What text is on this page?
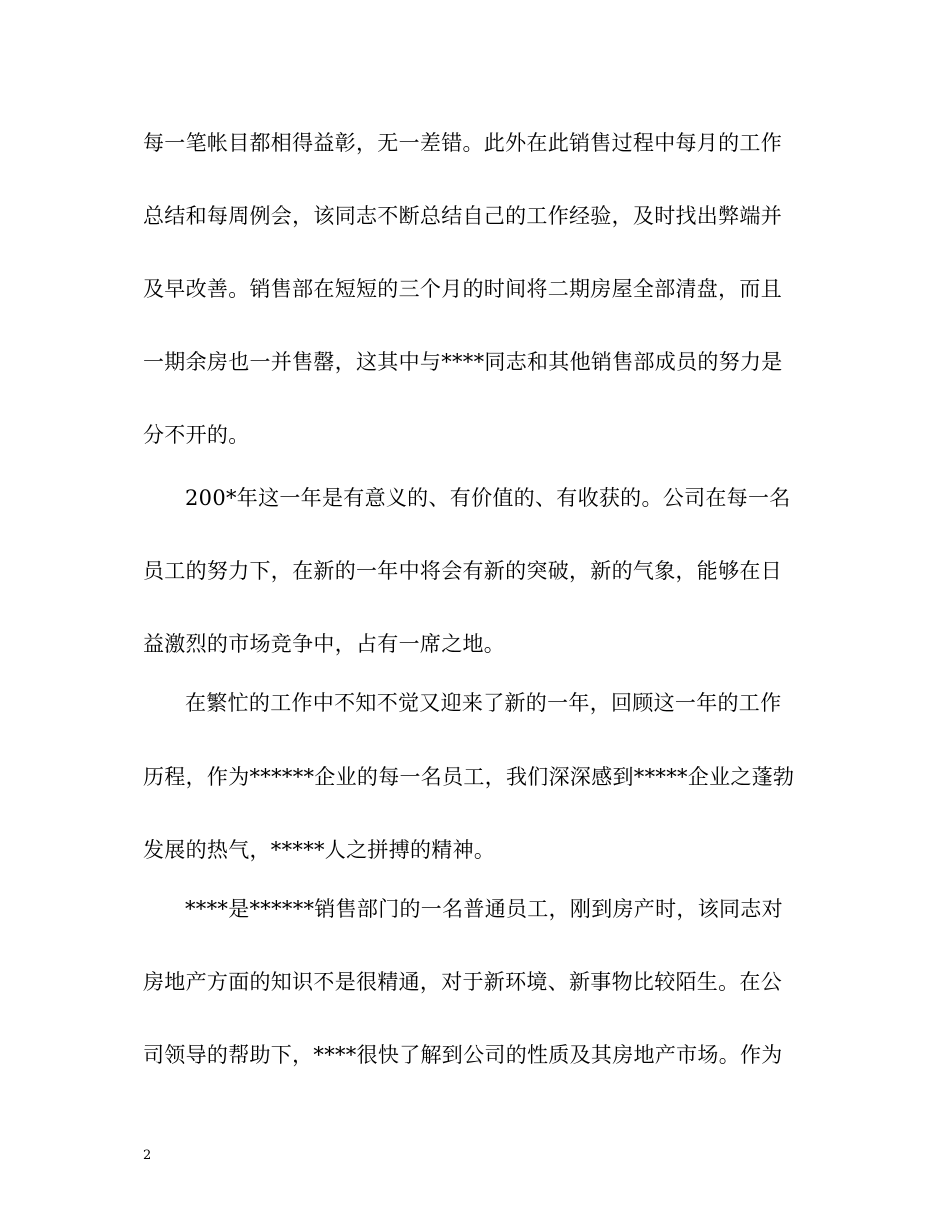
每一笔帐目都相得益彰，无一差错。此外在此销售过程中每月的工作
总结和每周例会，该同志不断总结自己的工作经验，及时找出弊端并
及早改善。销售部在短短的三个月的时间将二期房屋全部清盘，而且
一期余房也一并售罄，这其中与****同志和其他销售部成员的努力是
分不开的。
200*年这一年是有意义的、有价值的、有收获的。公司在每一名
员工的努力下，在新的一年中将会有新的突破，新的气象，能够在日
益激烈的市场竞争中，占有一席之地。
在繁忙的工作中不知不觉又迎来了新的一年，回顾这一年的工作
历程，作为******企业的每一名员工，我们深深感到*****企业之蓬勃
发展的热气，*****人之拼搏的精神。
****是******销售部门的一名普通员工，刚到房产时，该同志对
房地产方面的知识不是很精通，对于新环境、新事物比较陌生。在公
司领导的帮助下，****很快了解到公司的性质及其房地产市场。作为
2
